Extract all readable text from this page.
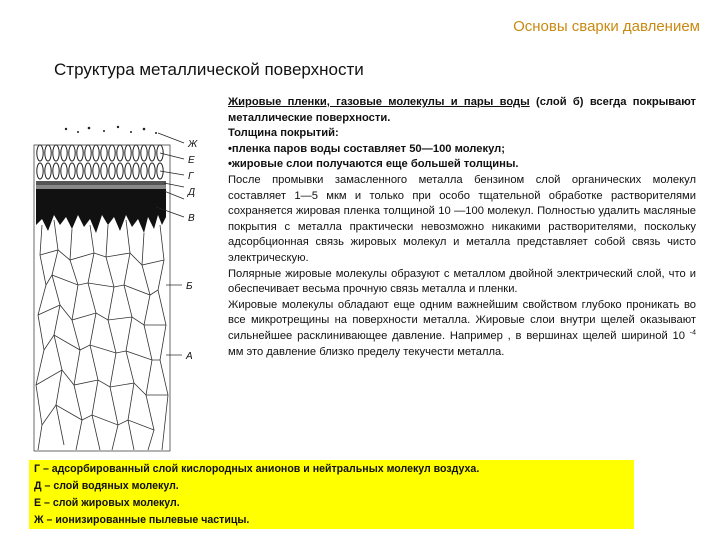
Основы сварки давлением
Структура металлической поверхности
Ж
Е
Г
Д
В
Б
А

Жировые пленки, газовые молекулы и пары воды (слой б) всегда покрывают металлические поверхности.

Толщина покрытий:

•пленка паров воды составляет 50—100 молекул;

•жировые слои получаются еще большей толщины.

После промывки замасленного металла бензином слой органических молекул составляет 1—5 мкм и только при особо тщательной обработке растворителями сохраняется жировая пленка толщиной 10 —100 молекул. Полностью удалить масляные покрытия с металла практически невозможно никакими растворителями, поскольку адсорбционная связь жировых молекул и металла представляет собой связь чисто электрическую.

Полярные жировые молекулы образуют с металлом двойной электрический слой, что и обеспечивает весьма прочную связь металла и пленки.

Жировые молекулы обладают еще одним важнейшим свойством глубоко проникать во все микротрещины на поверхности металла. Жировые слои внутри щелей оказывают сильнейшее расклинивающее давление. Например , в вершинах щелей шириной 10 $^{-4}$ мм это давление близко пределу текучести металла.

Г – адсорбированный слой кислородных анионов и нейтральных молекул воздуха.
Д – слой водяных молекул.
Е – слой жировых молекул.
Ж – ионизированные пылевые частицы.
